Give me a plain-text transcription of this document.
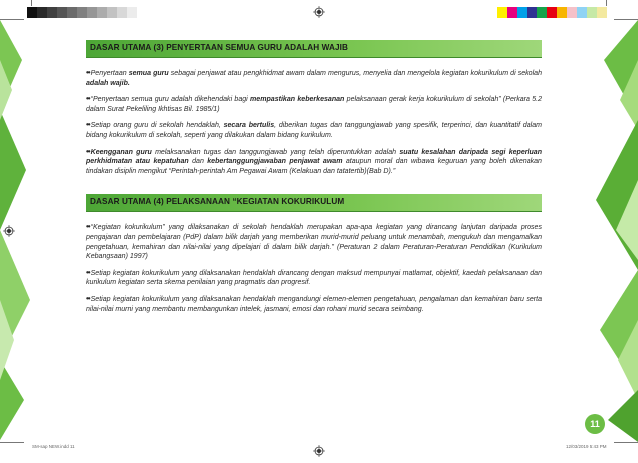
DASAR UTAMA (3) PENYERTAAN SEMUA GURU ADALAH WAJIB

••Penyertaan semua guru sebagai penjawat atau pengkhidmat awam dalam mengurus, menyelia dan mengelola kegiatan kokurikulum di sekolah adalah wajib.

••“Penyertaan semua guru adalah dikehendaki bagi mempastikan keberkesanan pelaksanaan gerak kerja kokurikulum di sekolah” (Perkara 5.2 dalam Surat Pekeliling Ikhtisas Bil. 1985/1)

••Setiap orang guru di sekolah hendaklah, secara bertulis, diberikan tugas dan tanggungjawab yang spesifik, terperinci, dan kuantitatif dalam bidang kokurikulum di sekolah, seperti yang dilakukan dalam bidang kurikulum.

••Keengganan guru melaksanakan tugas dan tanggungjawab yang telah diperuntukkan adalah suatu kesalahan daripada segi keperluan perkhidmatan atau kepatuhan dan kebertanggungjawaban penjawat awam ataupun moral dan wibawa keguruan yang boleh dikenakan tindakan disiplin mengikut “Perintah-perintah Am Pegawai Awam (Kelakuan dan tatatertib)(Bab D).”

DASAR UTAMA (4) PELAKSANAAN “KEGIATAN KOKURIKULUM

••“Kegiatan kokurikulum” yang dilaksanakan di sekolah hendaklah merupakan apa-apa kegiatan yang dirancang lanjutan daripada proses pengajaran dan pembelajaran (PdP) dalam bilik darjah yang memberikan murid-murid peluang untuk menambah, mengukuh dan mengamalkan pengetahuan, kemahiran dan nilai-nilai yang dipelajari di dalam bilik darjah.” (Peraturan 2 dalam Peraturan-Peraturan Pendidikan (Kurikulum Kebangsaan) 1997)

••Setiap kegiatan kokurikulum yang dilaksanakan hendaklah dirancang dengan maksud mempunyai matlamat, objektif, kaedah pelaksanaan dan kurikulum kegiatan serta skema penilaian yang pragmatis dan progresif.

••Setiap kegiatan kokurikulum yang dilaksanakan hendaklah mengandungi elemen-elemen pengetahuan, pengalaman dan kemahiran baru serta nilai-nilai murni yang membantu membangunkan intelek, jasmani, emosi dan rohani murid secara seimbang.

11
SM-sap NEW.indd 11	12/03/2019 5:43 PM
